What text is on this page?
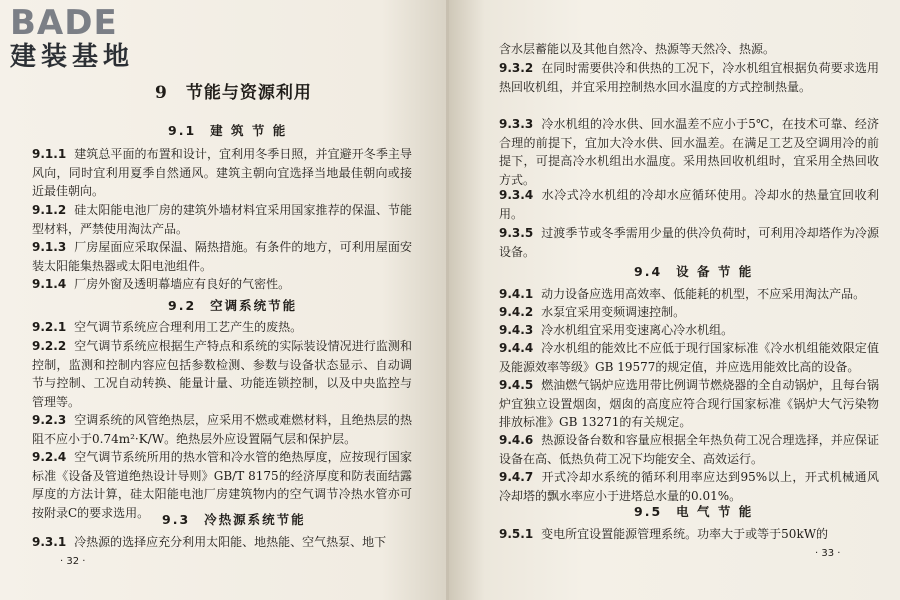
BADE
建装基地
9 节能与资源利用
9.1 建 筑 节 能
9.1.1 建筑总平面的布置和设计，宜利用冬季日照，并宜避开冬季主导风向，同时宜利用夏季自然通风。建筑主朝向宜选择当地最佳朝向或接近最佳朝向。
9.1.2 硅太阳能电池厂房的建筑外墙材料宜采用国家推荐的保温、节能型材料，严禁使用淘汰产品。
9.1.3 厂房屋面应采取保温、隔热措施。有条件的地方，可利用屋面安装太阳能集热器或太阳电池组件。
9.1.4 厂房外窗及透明幕墙应有良好的气密性。
9.2 空调系统节能
9.2.1 空气调节系统应合理利用工艺产生的废热。
9.2.2 空气调节系统应根据生产特点和系统的实际装设情况进行监测和控制，监测和控制内容应包括参数检测、参数与设备状态显示、自动调节与控制、工况自动转换、能量计量、功能连锁控制，以及中央监控与管理等。
9.2.3 空调系统的风管绝热层，应采用不燃或难燃材料，且绝热层的热阻不应小于0.74m²·K/W。绝热层外应设置隔气层和保护层。
9.2.4 空气调节系统所用的热水管和冷水管的绝热厚度，应按现行国家标准《设备及管道绝热设计导则》GB/T 8175的经济厚度和防表面结露厚度的方法计算，硅太阳能电池厂房建筑物内的空气调节冷热水管亦可按附录C的要求选用。	9.3 冷热源系统节能
9.3.1 冷热源的选择应充分利用太阳能、地热能、空气热泵、地下
· 32 ·
含水层蓄能以及其他自然冷、热源等天然冷、热源。
9.3.2 在同时需要供冷和供热的工况下，冷水机组宜根据负荷要求选用热回收机组，并宜采用控制热水回水温度的方式控制热量。
9.3.3 冷水机组的冷水供、回水温差不应小于5℃，在技术可靠、经济合理的前提下，宜加大冷水供、回水温差。在满足工艺及空调用冷的前提下，可提高冷水机组出水温度。采用热回收机组时，宜采用全热回收方式。
9.3.4 水冷式冷水机组的冷却水应循环使用。冷却水的热量宜回收利用。
9.3.5 过渡季节或冬季需用少量的供冷负荷时，可利用冷却塔作为冷源设备。
9.4 设 备 节 能
9.4.1 动力设备应选用高效率、低能耗的机型，不应采用淘汰产品。
9.4.2 水泵宜采用变频调速控制。
9.4.3 冷水机组宜采用变速离心冷水机组。
9.4.4 冷水机组的能效比不应低于现行国家标准《冷水机组能效限定值及能源效率等级》GB 19577的规定值，并应选用能效比高的设备。
9.4.5 燃油燃气锅炉应选用带比例调节燃烧器的全自动锅炉，且每台锅炉宜独立设置烟囱，烟囱的高度应符合现行国家标准《锅炉大气污染物排放标准》GB 13271的有关规定。
9.4.6 热源设备台数和容量应根据全年热负荷工况合理选择，并应保证设备在高、低热负荷工况下均能安全、高效运行。
9.4.7 开式冷却水系统的循环利用率应达到95%以上，开式机械通风冷却塔的飘水率应小于进塔总水量的0.01%。
9.5 电 气 节 能
9.5.1 变电所宜设置能源管理系统。功率大于或等于50kW的
· 33 ·
